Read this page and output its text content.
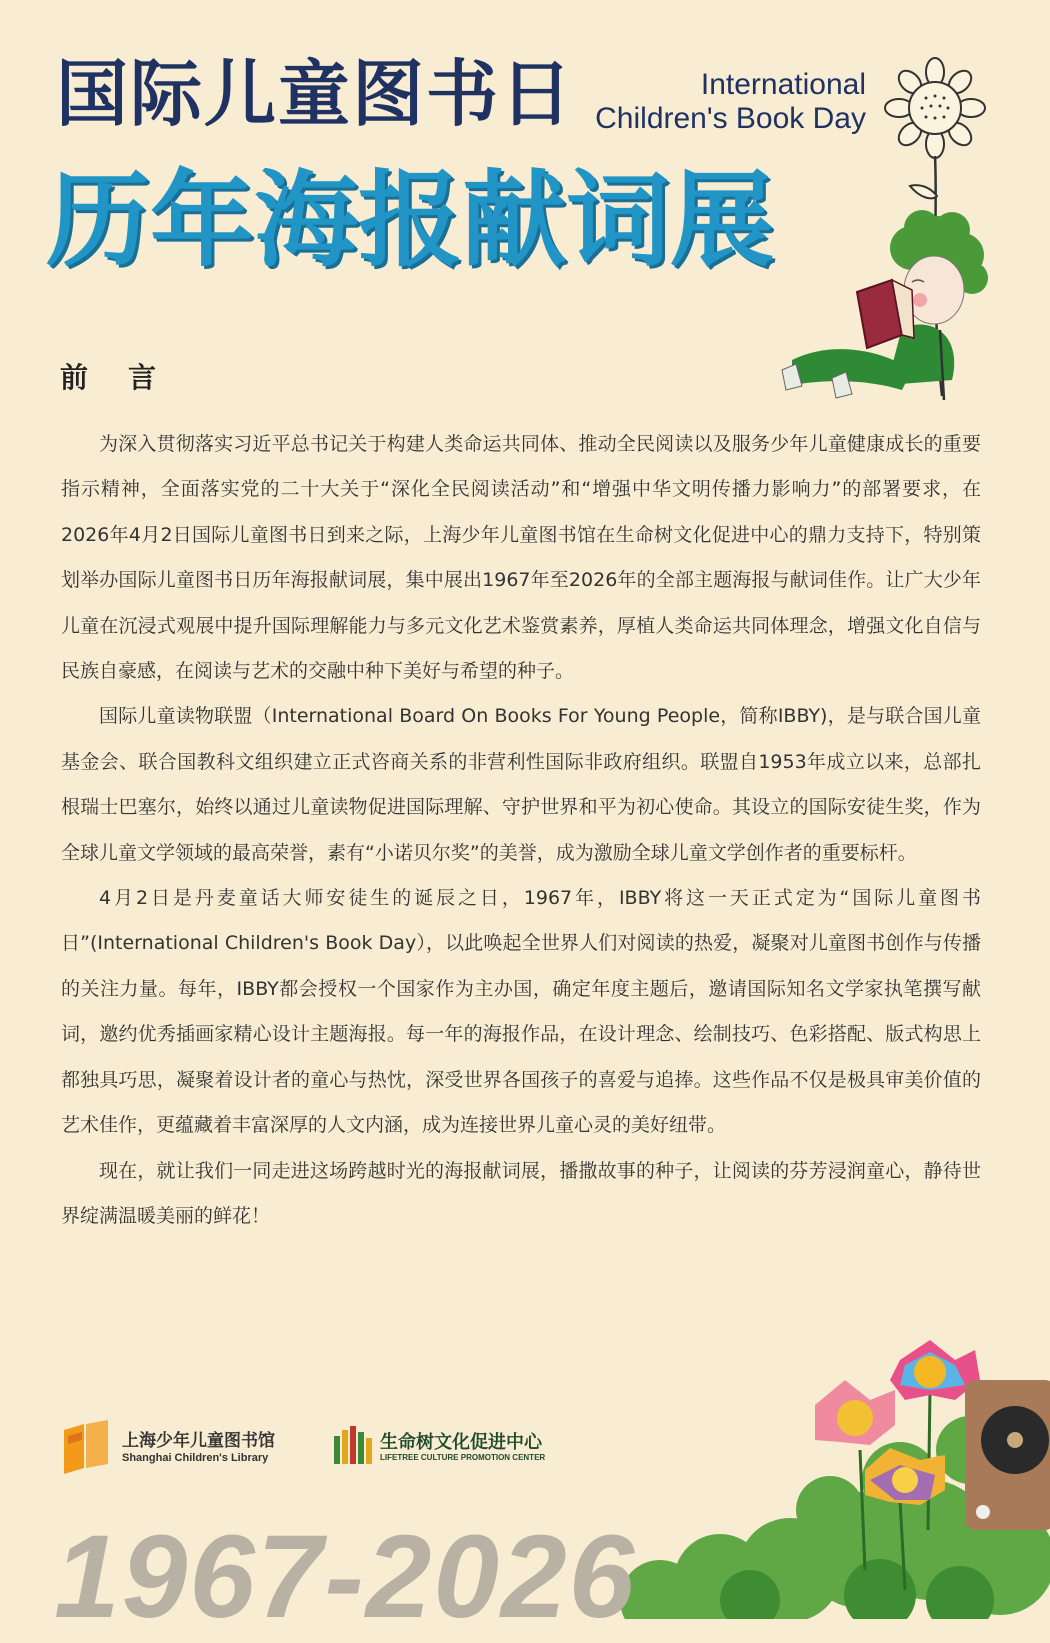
国际儿童图书日	International
Children's Book Day
历年海报献词展
前言

为深入贯彻落实习近平总书记关于构建人类命运共同体、推动全民阅读以及服务少年儿童健康成长的重要指示精神，全面落实党的二十大关于“深化全民阅读活动”和“增强中华文明传播力影响力”的部署要求，在2026年4月2日国际儿童图书日到来之际，上海少年儿童图书馆在生命树文化促进中心的鼎力支持下，特别策划举办国际儿童图书日历年海报献词展，集中展出1967年至2026年的全部主题海报与献词佳作。让广大少年儿童在沉浸式观展中提升国际理解能力与多元文化艺术鉴赏素养，厚植人类命运共同体理念，增强文化自信与民族自豪感，在阅读与艺术的交融中种下美好与希望的种子。

国际儿童读物联盟（International Board On Books For Young People，简称IBBY)，是与联合国儿童基金会、联合国教科文组织建立正式咨商关系的非营利性国际非政府组织。联盟自1953年成立以来，总部扎根瑞士巴塞尔，始终以通过儿童读物促进国际理解、守护世界和平为初心使命。其设立的国际安徒生奖，作为全球儿童文学领域的最高荣誉，素有“小诺贝尔奖”的美誉，成为激励全球儿童文学创作者的重要标杆。

4月2日是丹麦童话大师安徒生的诞辰之日，1967年，IBBY将这一天正式定为“国际儿童图书日”(International Children's Book Day），以此唤起全世界人们对阅读的热爱，凝聚对儿童图书创作与传播的关注力量。每年，IBBY都会授权一个国家作为主办国，确定年度主题后，邀请国际知名文学家执笔撰写献词，邀约优秀插画家精心设计主题海报。每一年的海报作品，在设计理念、绘制技巧、色彩搭配、版式构思上都独具巧思，凝聚着设计者的童心与热忱，深受世界各国孩子的喜爱与追捧。这些作品不仅是极具审美价值的艺术佳作，更蕴藏着丰富深厚的人文内涵，成为连接世界儿童心灵的美好纽带。

现在，就让我们一同走进这场跨越时光的海报献词展，播撒故事的种子，让阅读的芬芳浸润童心，静待世界绽满温暖美丽的鲜花！

上海少年儿童图书馆
Shanghai Children's Library
生命树文化促进中心
LIFETREE CULTURE PROMOTION CENTER
1967-2026
